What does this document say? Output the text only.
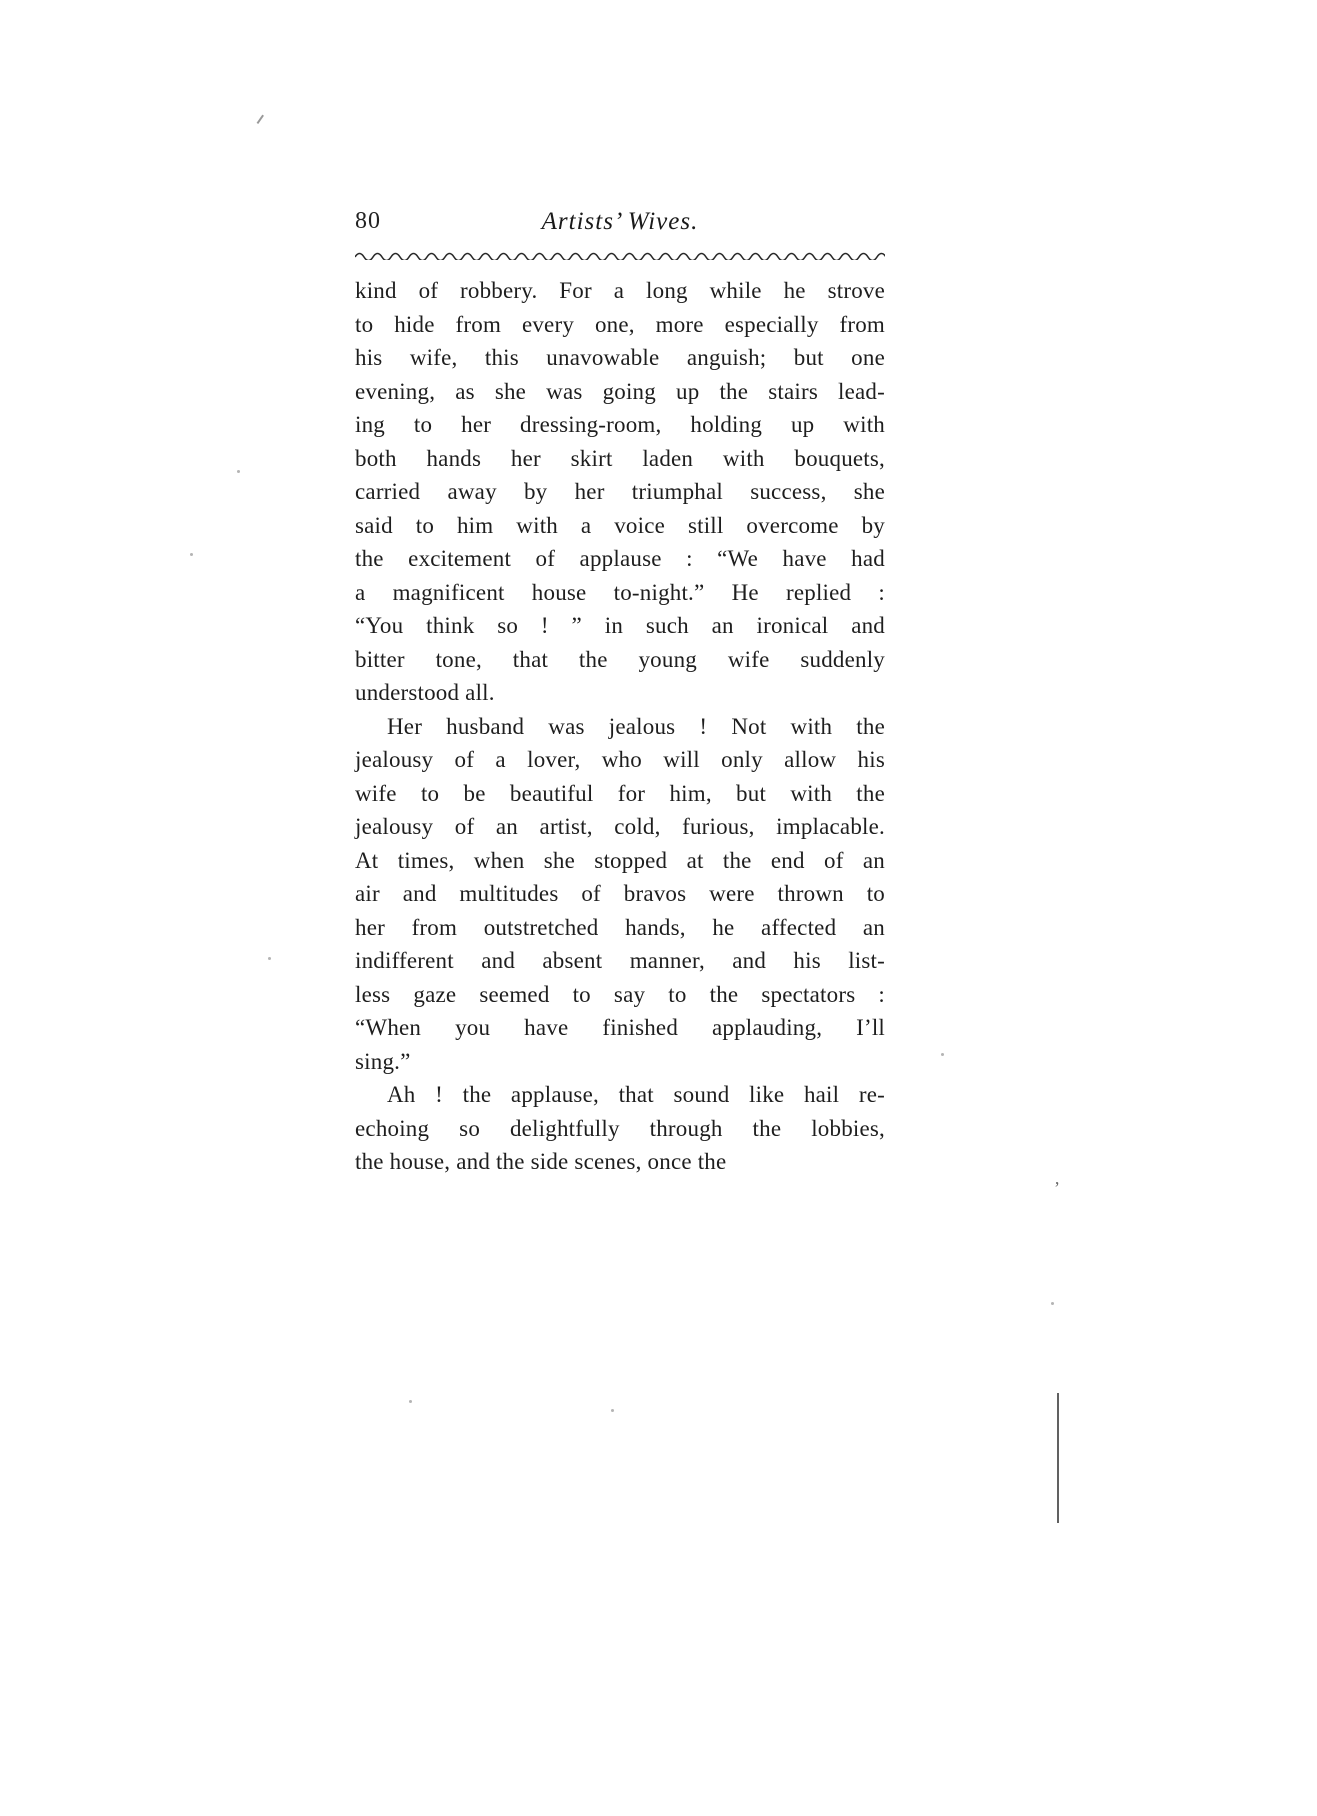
80	Artists’ Wives.
kind of robbery. For a long while he strove
to hide from every one, more especially from
his wife, this unavowable anguish; but one
evening, as she was going up the stairs lead-
ing to her dressing-room, holding up with
both hands her skirt laden with bouquets,
carried away by her triumphal success, she
said to him with a voice still overcome by
the excitement of applause : “We have had
a magnificent house to-night.” He replied :
“You think so ! ” in such an ironical and
bitter tone, that the young wife suddenly
understood all.
Her husband was jealous ! Not with the
jealousy of a lover, who will only allow his
wife to be beautiful for him, but with the
jealousy of an artist, cold, furious, implacable.
At times, when she stopped at the end of an
air and multitudes of bravos were thrown to
her from outstretched hands, he affected an
indifferent and absent manner, and his list-
less gaze seemed to say to the spectators :
“When you have finished applauding, I’ll
sing.”
Ah ! the applause, that sound like hail re-
echoing so delightfully through the lobbies,
the house, and the side scenes, once the
’
